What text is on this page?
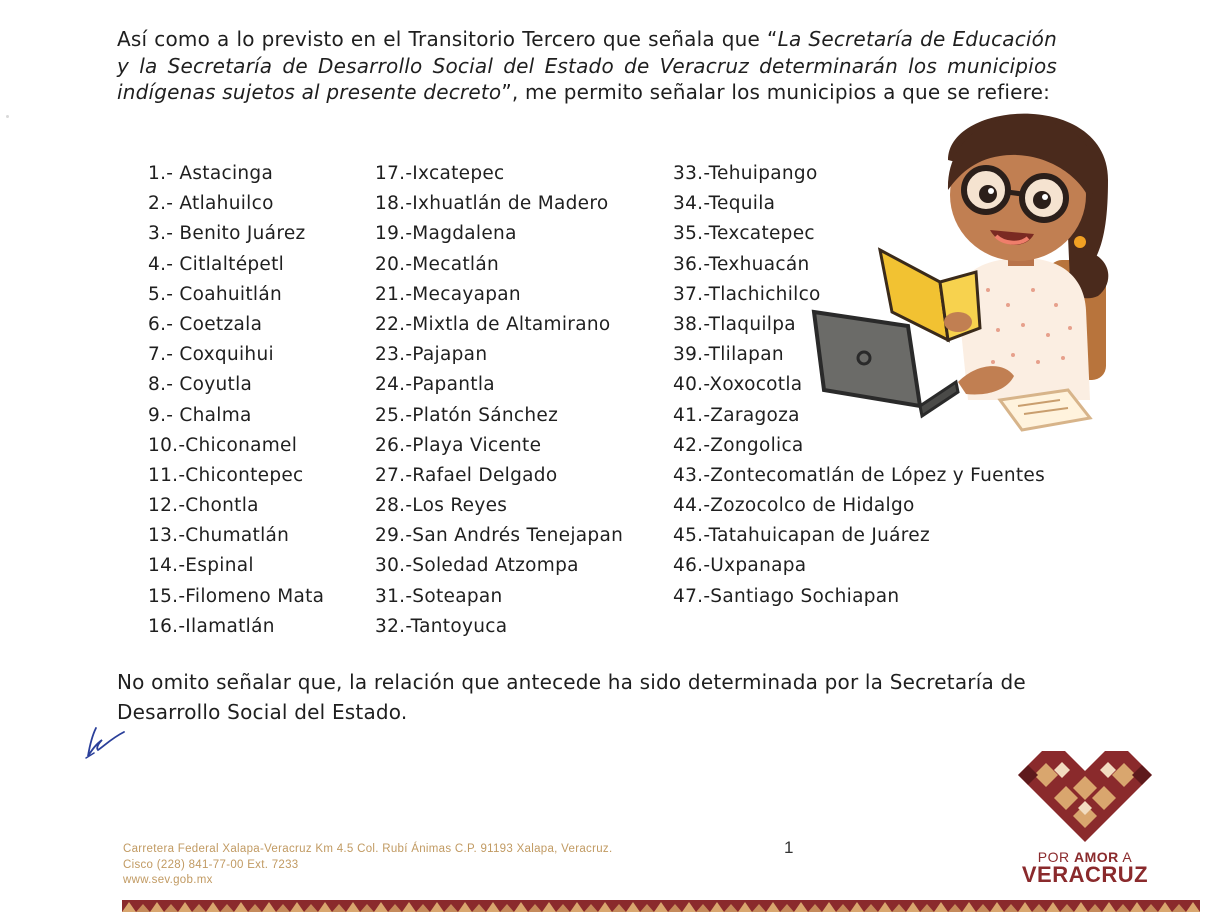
Así como a lo previsto en el Transitorio Tercero que señala que “La Secretaría de Educación y la Secretaría de Desarrollo Social del Estado de Veracruz determinarán los municipios indígenas sujetos al presente decreto”, me permito señalar los municipios a que se refiere:

1.- Astacinga
2.- Atlahuilco
3.- Benito Juárez
4.- Citlaltépetl
5.- Coahuitlán
6.- Coetzala
7.- Coxquihui
8.- Coyutla
9.- Chalma
10.-Chiconamel
11.-Chicontepec
12.-Chontla
13.-Chumatlán
14.-Espinal
15.-Filomeno Mata
16.-Ilamatlán
17.-Ixcatepec
18.-Ixhuatlán de Madero
19.-Magdalena
20.-Mecatlán
21.-Mecayapan
22.-Mixtla de Altamirano
23.-Pajapan
24.-Papantla
25.-Platón Sánchez
26.-Playa Vicente
27.-Rafael Delgado
28.-Los Reyes
29.-San Andrés Tenejapan
30.-Soledad Atzompa
31.-Soteapan
32.-Tantoyuca
33.-Tehuipango
34.-Tequila
35.-Texcatepec
36.-Texhuacán
37.-Tlachichilco
38.-Tlaquilpa
39.-Tlilapan
40.-Xoxocotla
41.-Zaragoza
42.-Zongolica
43.-Zontecomatlán de López y Fuentes
44.-Zozocolco de Hidalgo
45.-Tatahuicapan de Juárez
46.-Uxpanapa
47.-Santiago Sochiapan

No omito señalar que, la relación que antecede ha sido determinada por la Secretaría de Desarrollo Social del Estado.

Carretera Federal Xalapa-Veracruz Km 4.5 Col. Rubí Ánimas C.P. 91193 Xalapa, Veracruz.
Cisco (228) 841-77-00 Ext. 7233
www.sev.gob.mx
1	POR AMOR A
VERACRUZ
